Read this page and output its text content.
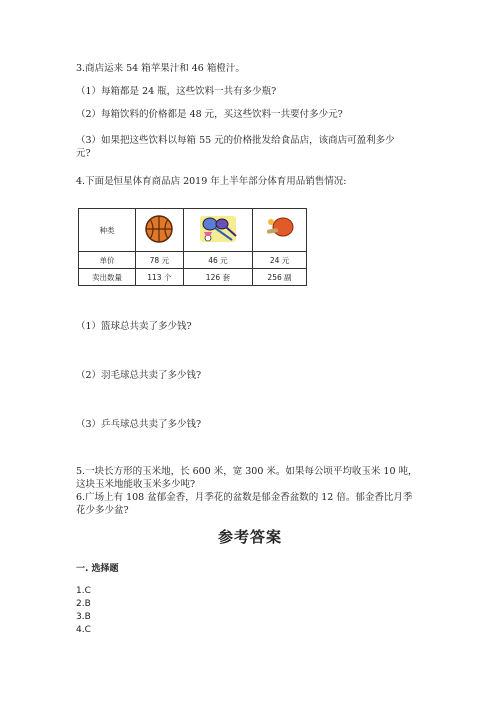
3.商店运来 54 箱苹果汁和 46 箱橙汁。
（1）每箱都是 24 瓶，这些饮料一共有多少瓶?
（2）每箱饮料的价格都是 48 元，买这些饮料一共要付多少元?
（3）如果把这些饮料以每箱 55 元的价格批发给食品店，该商店可盈利多少
元?
4.下面是恒星体育商品店 2019 年上半年部分体育用品销售情况:
种类			
单价	78 元	46 元	24 元
卖出数量	113 个	126 套	256 副
（1）篮球总共卖了多少钱?
（2）羽毛球总共卖了多少钱?
（3）乒乓球总共卖了多少钱?
5.一块长方形的玉米地，长 600 米，宽 300 米。如果每公顷平均收玉米 10 吨，
这块玉米地能收玉米多少吨?
6.广场上有 108 盆郁金香，月季花的盆数是郁金香盆数的 12 倍。郁金香比月季
花少多少盆?
参考答案
一. 选择题
1.C
2.B
3.B
4.C
